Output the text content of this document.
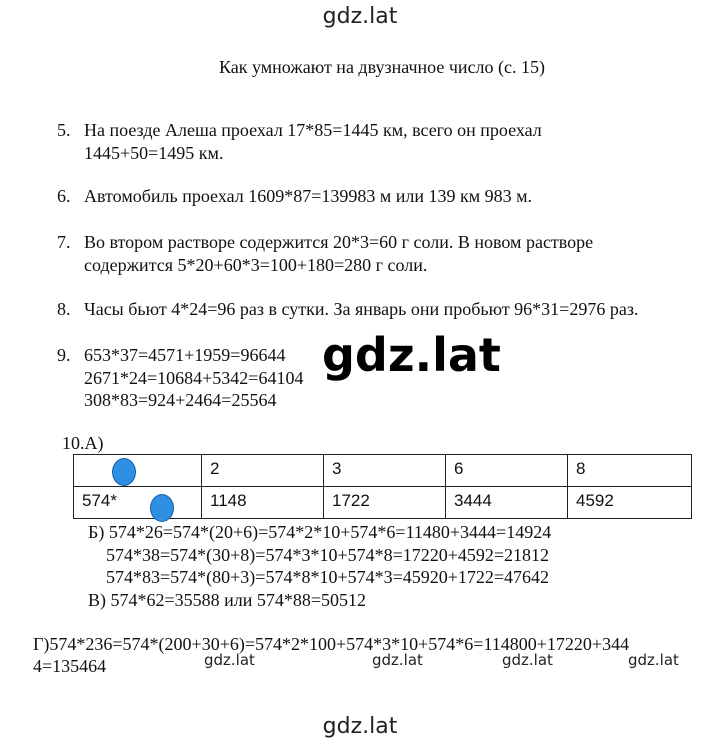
gdz.lat
Как умножают на двузначное число (с. 15)
5. На поезде Алеша проехал 17*85=1445 км, всего он проехал
1445+50=1495 км.
6. Автомобиль проехал 1609*87=139983 м или 139 км 983 м.
7. Во втором растворе содержится 20*3=60 г соли. В новом растворе
содержится 5*20+60*3=100+180=280 г соли.
8. Часы бьют 4*24=96 раз в сутки. За январь они пробьют 96*31=2976 раз.
9. 653*37=4571+1959=96644
2671*24=10684+5342=64104
308*83=924+2464=25564
gdz.lat
10.А)
	2	3	6	8
574*	1148	1722	3444	4592
Б) 574*26=574*(20+6)=574*2*10+574*6=11480+3444=14924
574*38=574*(30+8)=574*3*10+574*8=17220+4592=21812
574*83=574*(80+3)=574*8*10+574*3=45920+1722=47642
В) 574*62=35588 или 574*88=50512
Г)574*236=574*(200+30+6)=574*2*100+574*3*10+574*6=114800+17220+344
4=135464	gdz.lat	gdz.lat	gdz.lat	gdz.lat
gdz.lat
